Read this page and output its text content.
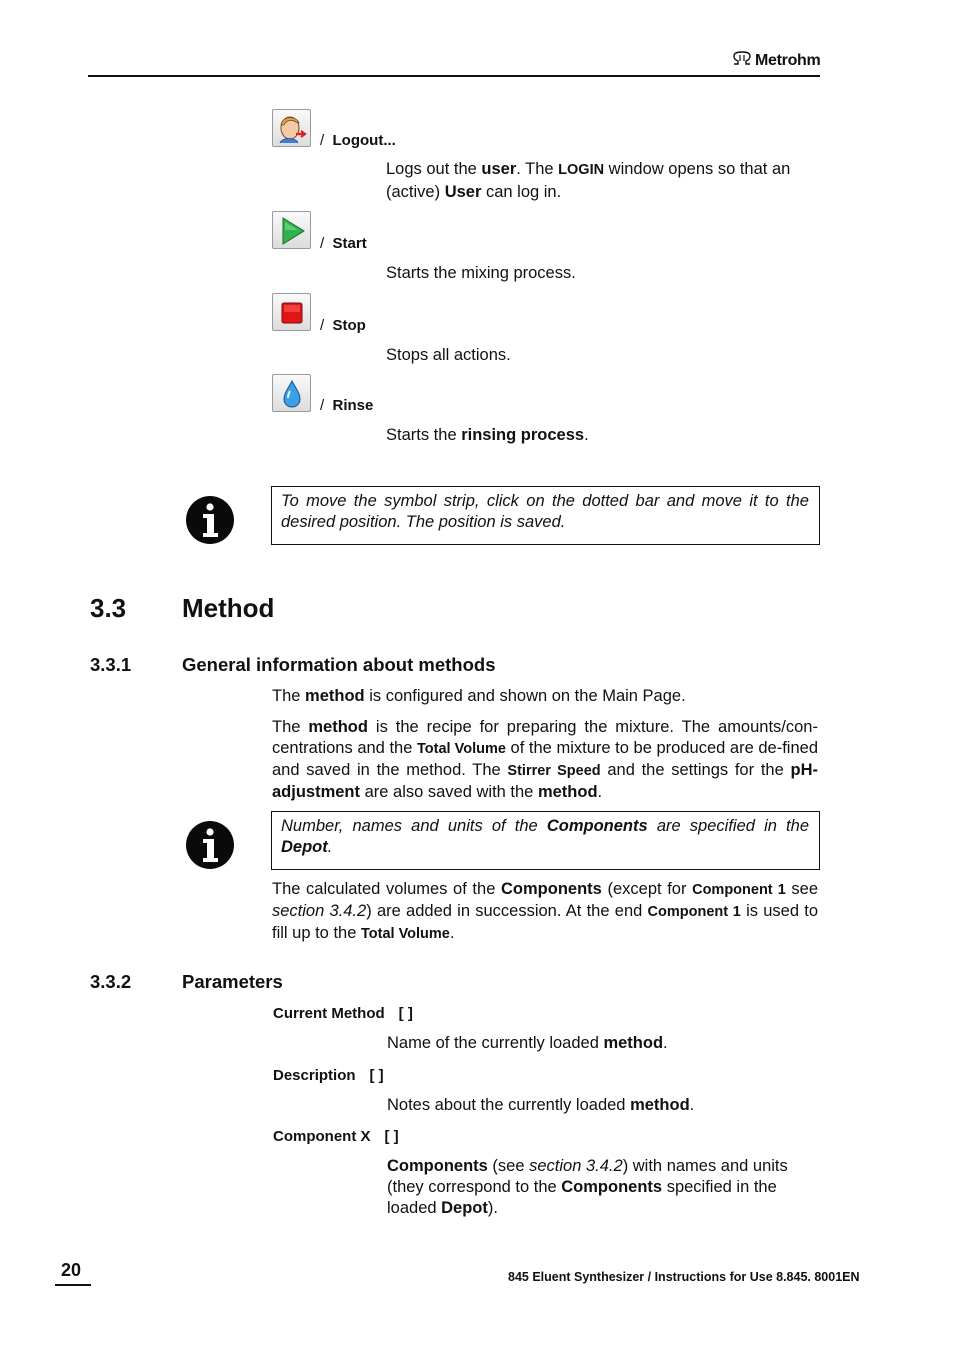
Metrohm
/ Logout...
Logs out the user. The LOGIN window opens so that an (active) User can log in.
/ Start
Starts the mixing process.
/ Stop
Stops all actions.
/ Rinse
Starts the rinsing process.
To move the symbol strip, click on the dotted bar and move it to the desired position. The position is saved.
3.3 Method
3.3.1	General information about methods
The method is configured and shown on the Main Page.
The method is the recipe for preparing the mixture. The amounts/con-centrations and the Total Volume of the mixture to be produced are de-fined and saved in the method. The Stirrer Speed and the settings for the pH-adjustment are also saved with the method.
Number, names and units of the Components are specified in the Depot.
The calculated volumes of the Components (except for Component 1 see section 3.4.2) are added in succession. At the end Component 1 is used to fill up to the Total Volume.
3.3.2	Parameters
Current Method [ ]
Name of the currently loaded method.
Description [ ]
Notes about the currently loaded method.
Component X [ ]
Components (see section 3.4.2) with names and units (they correspond to the Components specified in the loaded Depot).
20	845 Eluent Synthesizer / Instructions for Use 8.845. 8001EN
